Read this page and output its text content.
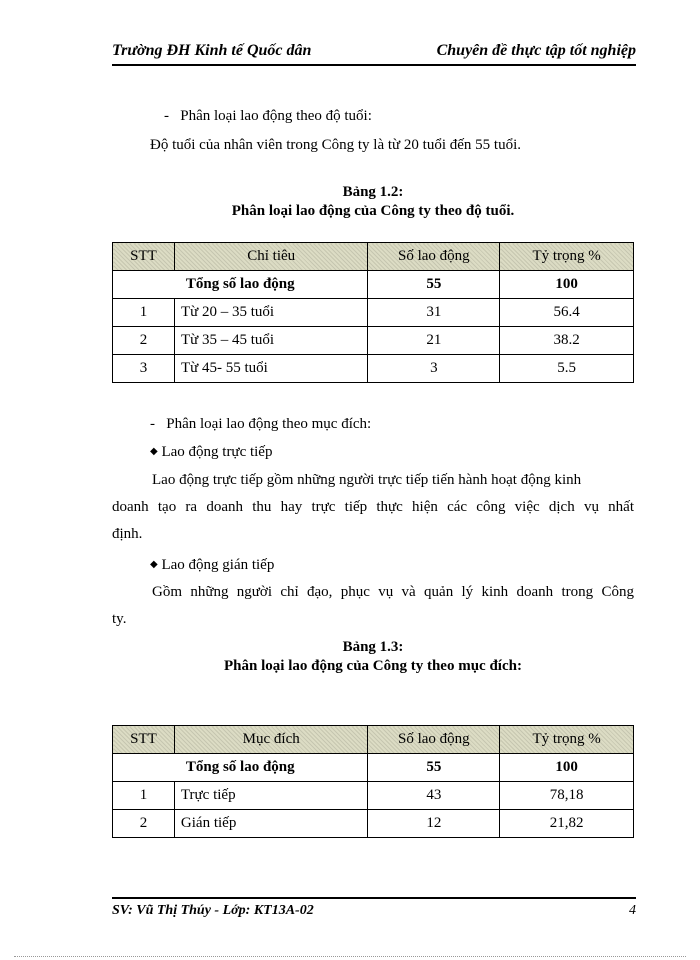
Trường ĐH Kinh tế Quốc dân	Chuyên đề thực tập tốt nghiệp
- Phân loại lao động theo độ tuổi:
Độ tuổi của nhân viên trong Công ty là từ 20 tuổi đến 55 tuổi.
Bảng 1.2:
Phân loại lao động của Công ty theo độ tuổi.
STT	Chỉ tiêu	Số lao động	Tỷ trọng %
Tổng số lao động		55	100
1	Từ 20 – 35 tuổi	31	56.4
2	Từ 35 – 45 tuổi	21	38.2
3	Từ 45- 55 tuổi	3	5.5
- Phân loại lao động theo mục đích:
◆ Lao động trực tiếp
Lao động trực tiếp gồm những người trực tiếp tiến hành hoạt động kinh
doanh tạo ra doanh thu hay trực tiếp thực hiện các công việc dịch vụ nhất
định.
◆ Lao động gián tiếp
Gồm những người chỉ đạo, phục vụ và quản lý kinh doanh trong Công
ty.
Bảng 1.3:
Phân loại lao động của Công ty theo mục đích:
STT	Mục đích	Số lao động	Tỷ trọng %
Tổng số lao động		55	100
1	Trực tiếp	43	78,18
2	Gián tiếp	12	21,82
SV: Vũ Thị Thúy - Lớp: KT13A-02	4
